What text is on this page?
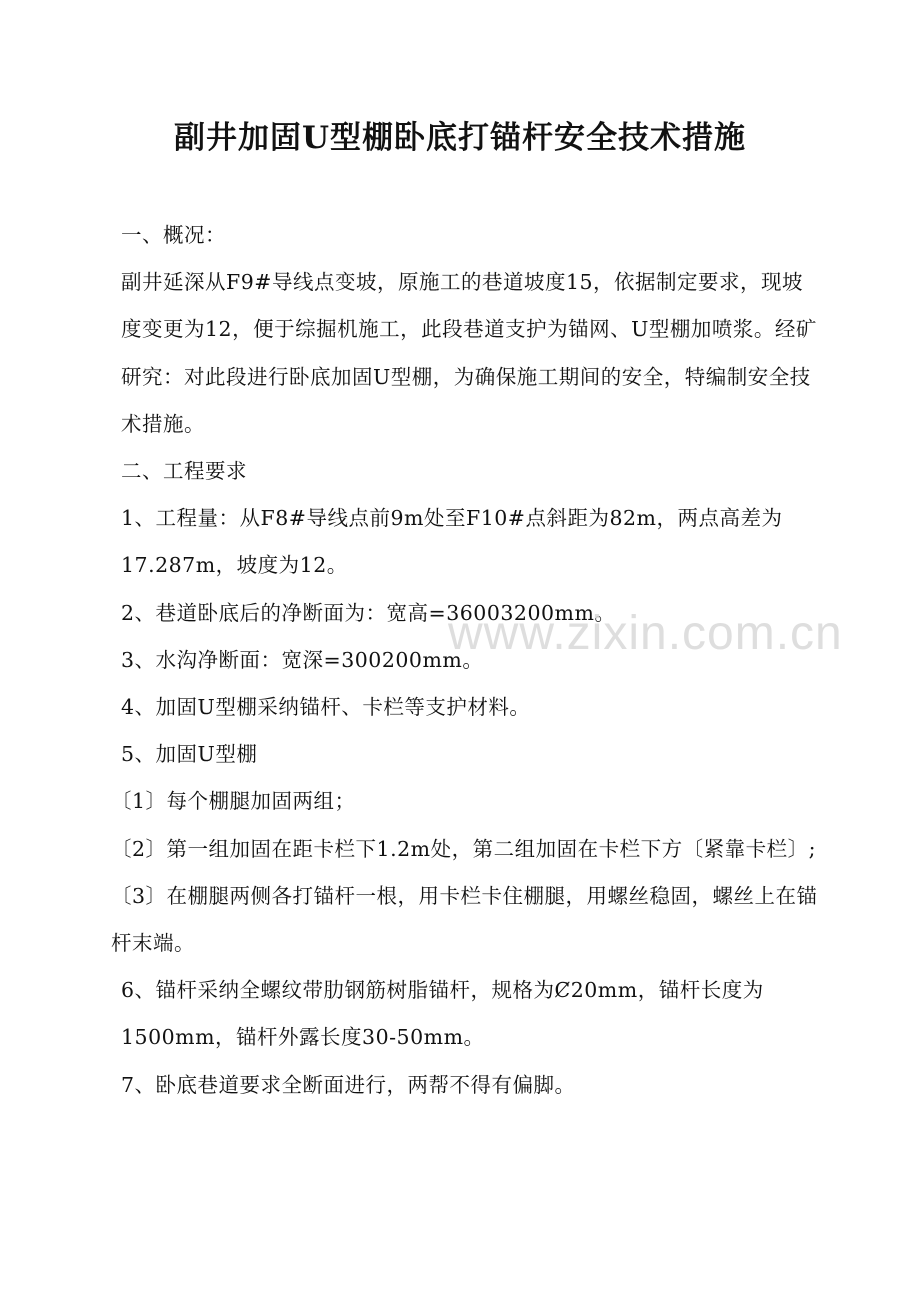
副井加固U型棚卧底打锚杆安全技术措施

一、概况：

副井延深从F9#导线点变坡，原施工的巷道坡度15，依据制定要求，现坡度变更为12，便于综掘机施工，此段巷道支护为锚网、U型棚加喷浆。经矿研究：对此段进行卧底加固U型棚，为确保施工期间的安全，特编制安全技术措施。

二、工程要求

1、工程量：从F8#导线点前9m处至F10#点斜距为82m，两点高差为17.287m，坡度为12。

2、巷道卧底后的净断面为：宽高=36003200mm。

3、水沟净断面：宽深=300200mm。

4、加固U型棚采纳锚杆、卡栏等支护材料。

5、加固U型棚

〔1〕每个棚腿加固两组；

〔2〕第一组加固在距卡栏下1.2m处，第二组加固在卡栏下方〔紧靠卡栏〕;

〔3〕在棚腿两侧各打锚杆一根，用卡栏卡住棚腿，用螺丝稳固，螺丝上在锚杆末端。

6、锚杆采纳全螺纹带肋钢筋树脂锚杆，规格为Ȼ20mm，锚杆长度为1500mm，锚杆外露长度30-50mm。

7、卧底巷道要求全断面进行，两帮不得有偏脚。

www.zixin.com.cn
